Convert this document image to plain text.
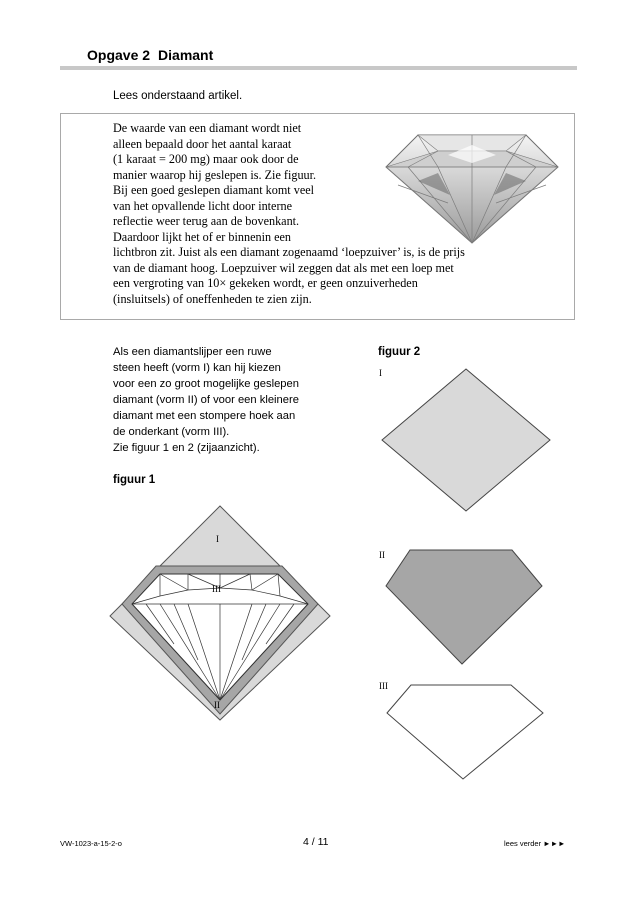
Opgave 2 Diamant
Lees onderstaand artikel.
De waarde van een diamant wordt niet
alleen bepaald door het aantal karaat
(1 karaat = 200 mg) maar ook door de
manier waarop hij geslepen is. Zie figuur.
Bij een goed geslepen diamant komt veel
van het opvallende licht door interne
reflectie weer terug aan de bovenkant.
Daardoor lijkt het of er binnenin een
lichtbron zit. Juist als een diamant zogenaamd ‘loepzuiver’ is, is de prijs
van de diamant hoog. Loepzuiver wil zeggen dat als met een loep met
een vergroting van 10× gekeken wordt, er geen onzuiverheden
(insluitsels) of oneffenheden te zien zijn.
Als een diamantslijper een ruwe
steen heeft (vorm I) kan hij kiezen
voor een zo groot mogelijke geslepen
diamant (vorm II) of voor een kleinere
diamant met een stompere hoek aan
de onderkant (vorm III).
Zie figuur 1 en 2 (zijaanzicht).
figuur 1
I
III
II
figuur 2
I
II
III
VW-1023-a-15-2-o	4 / 11	lees verder ►►►
